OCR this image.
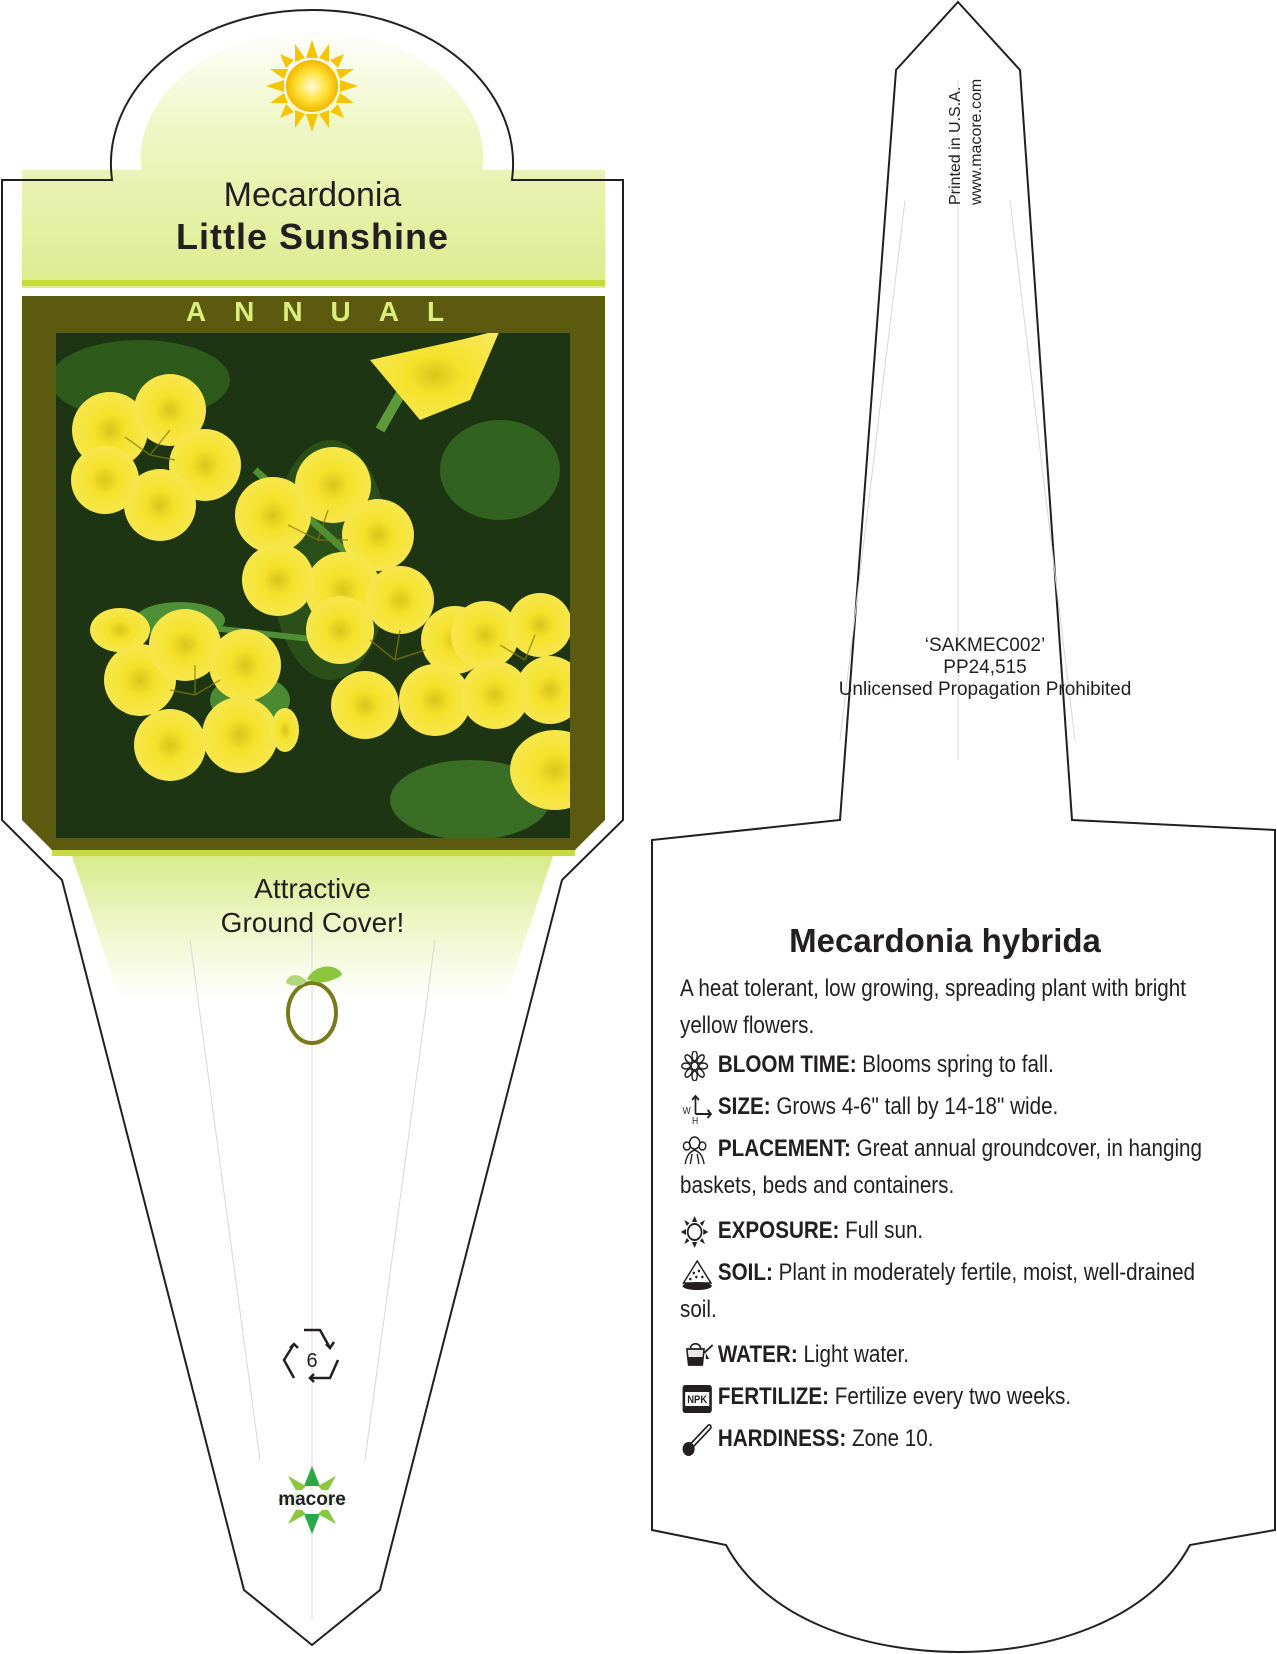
Mecardonia

Little Sunshine

ANNUAL

Attractive
Ground Cover!

6

macore

Printed in U.S.A. www.macore.com
‘SAKMEC002’
PP24,515
Unlicensed Propagation Prohibited

Mecardonia hybrida

A heat tolerant, low growing, spreading plant with bright yellow flowers.

BLOOM TIME: Blooms spring to fall.
W
H
SIZE: Grows 4-6" tall by 14-18" wide.
PLACEMENT: Great annual groundcover, in hanging baskets, beds and containers.
EXPOSURE: Full sun.
SOIL: Plant in moderately fertile, moist, well-drained soil.
WATER: Light water.
NPK FERTILIZE: Fertilize every two weeks.
HARDINESS: Zone 10.
